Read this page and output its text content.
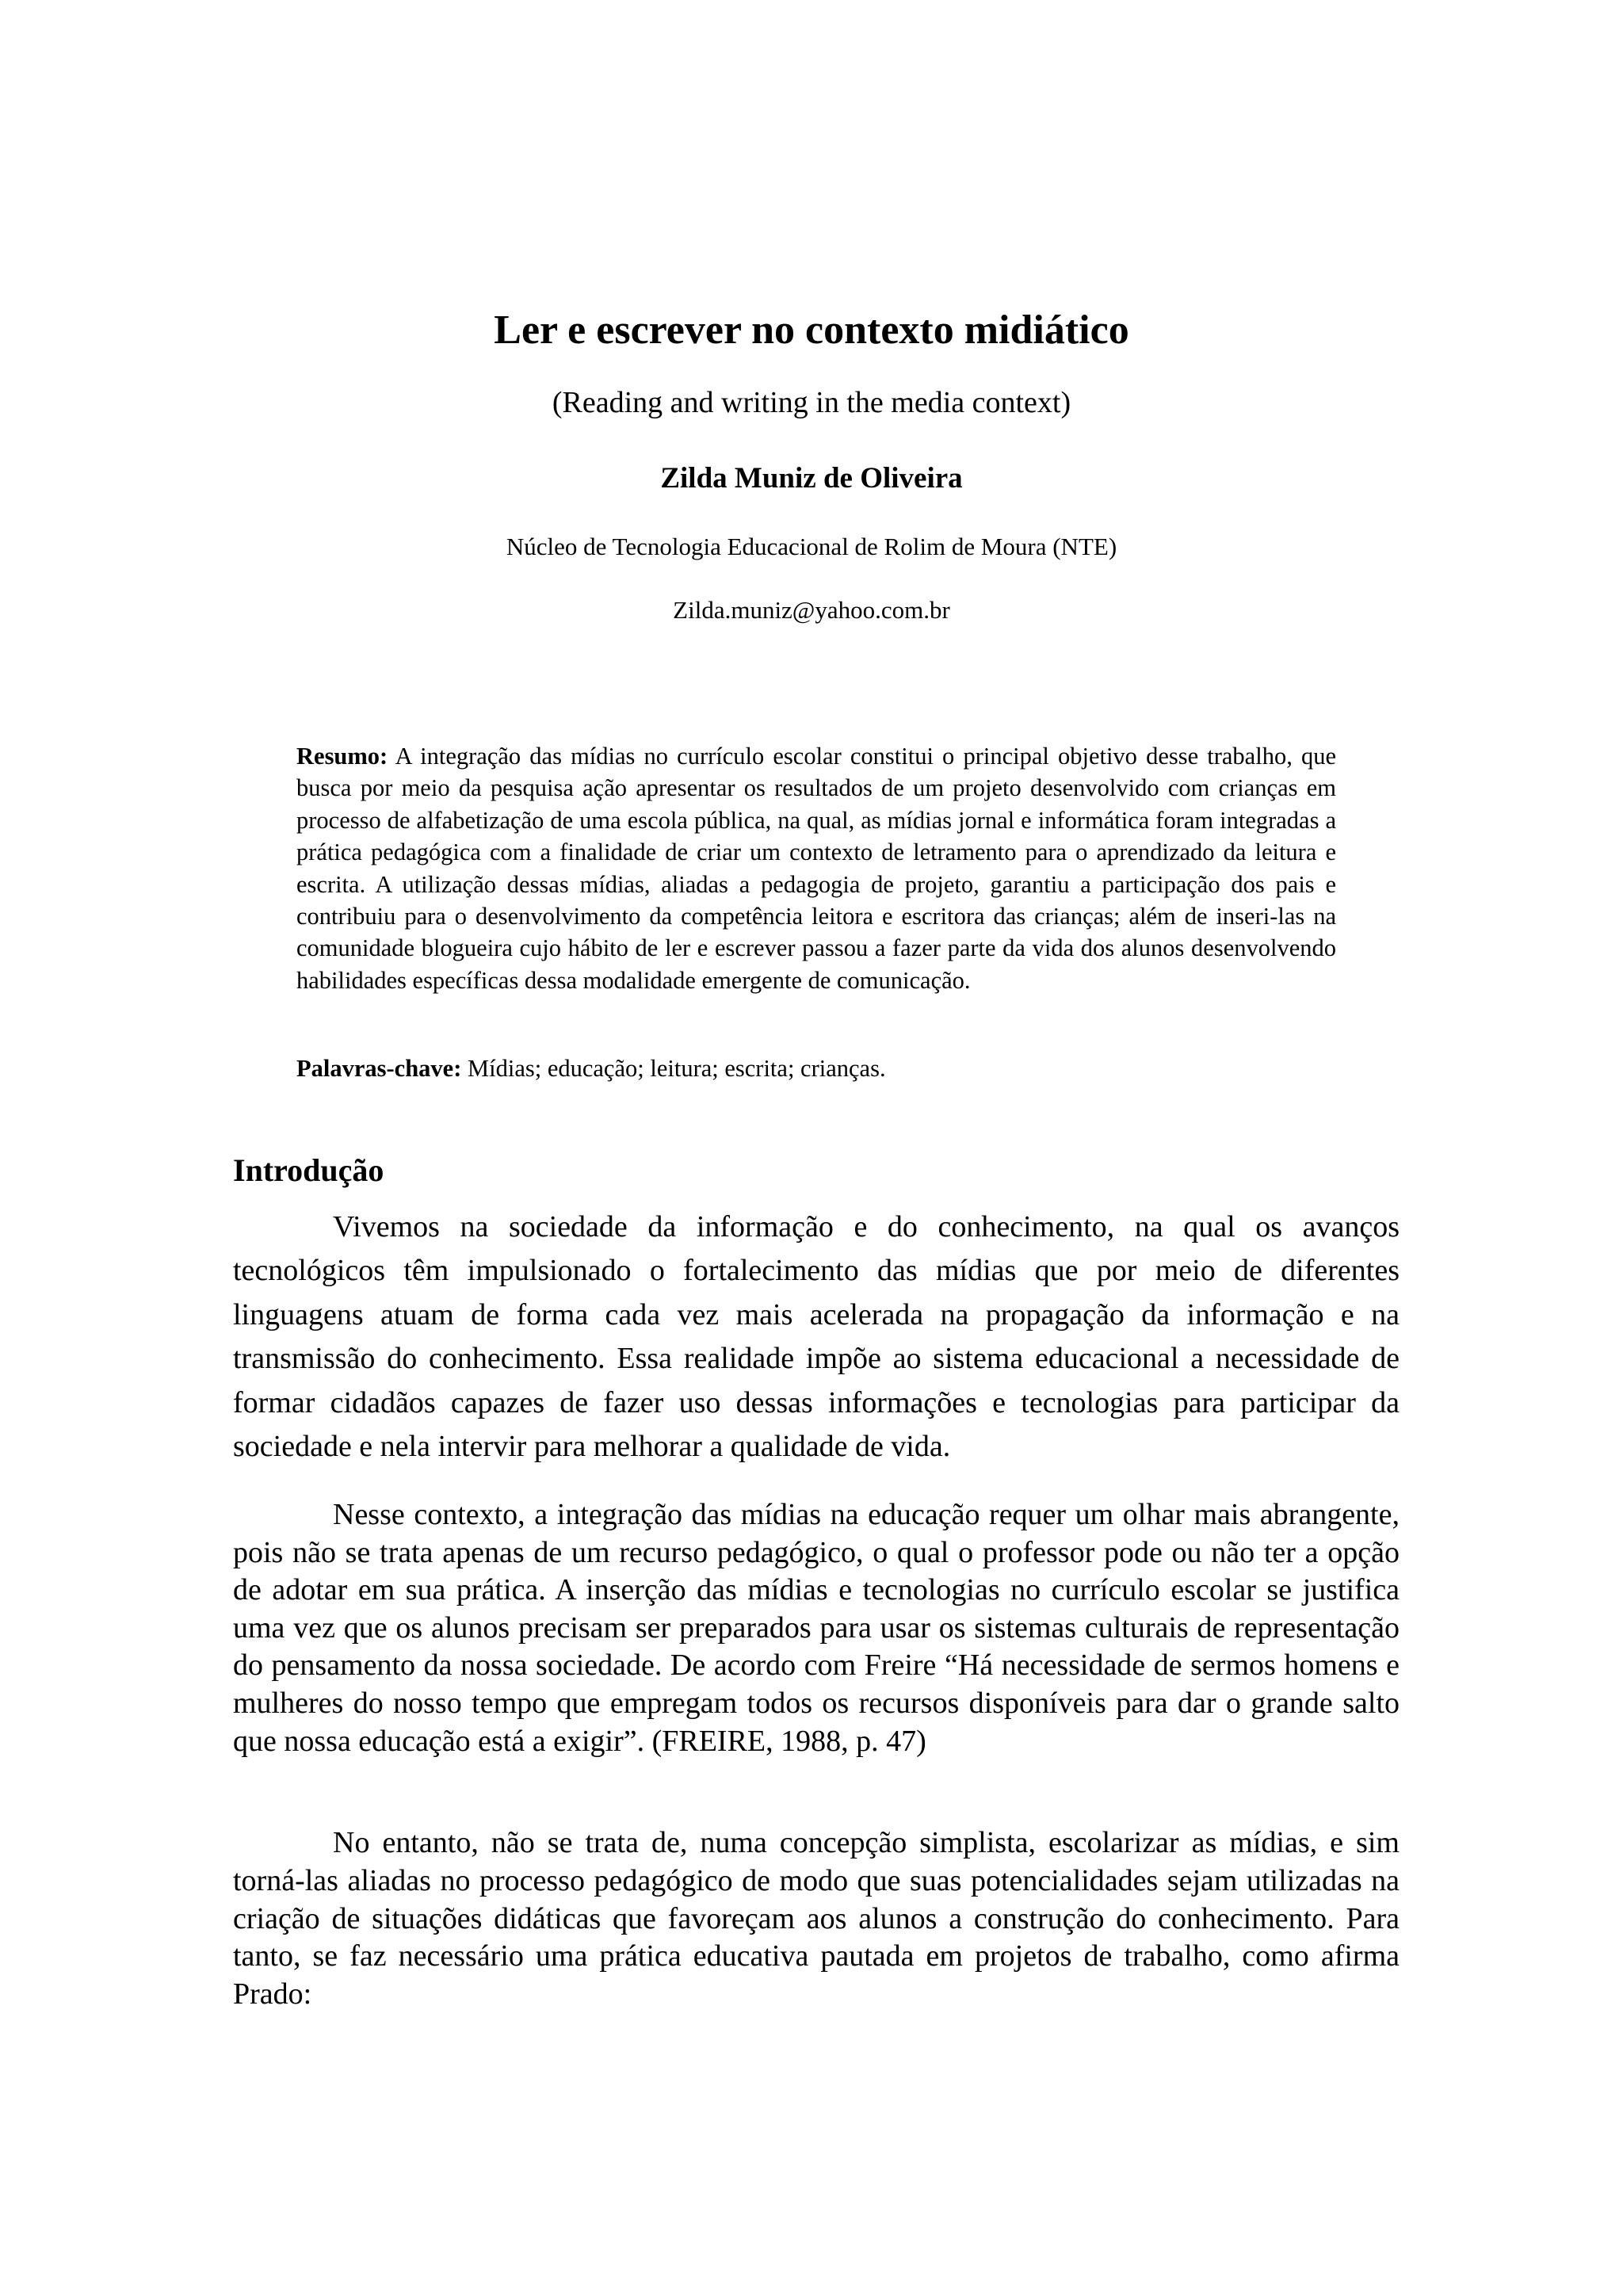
Ler e escrever no contexto midiático

(Reading and writing in the media context)

Zilda Muniz de Oliveira

Núcleo de Tecnologia Educacional de Rolim de Moura (NTE)

Zilda.muniz@yahoo.com.br

Resumo: A integração das mídias no currículo escolar constitui o principal objetivo desse trabalho, que busca por meio da pesquisa ação apresentar os resultados de um projeto desenvolvido com crianças em processo de alfabetização de uma escola pública, na qual, as mídias jornal e informática foram integradas a prática pedagógica com a finalidade de criar um contexto de letramento para o aprendizado da leitura e escrita. A utilização dessas mídias, aliadas a pedagogia de projeto, garantiu a participação dos pais e contribuiu para o desenvolvimento da competência leitora e escritora das crianças; além de inseri-las na comunidade blogueira cujo hábito de ler e escrever passou a fazer parte da vida dos alunos desenvolvendo habilidades específicas dessa modalidade emergente de comunicação.

Palavras-chave: Mídias; educação; leitura; escrita; crianças.

Introdução

Vivemos na sociedade da informação e do conhecimento, na qual os avanços tecnológicos têm impulsionado o fortalecimento das mídias que por meio de diferentes linguagens atuam de forma cada vez mais acelerada na propagação da informação e na transmissão do conhecimento. Essa realidade impõe ao sistema educacional a necessidade de formar cidadãos capazes de fazer uso dessas informações e tecnologias para participar da sociedade e nela intervir para melhorar a qualidade de vida.

Nesse contexto, a integração das mídias na educação requer um olhar mais abrangente, pois não se trata apenas de um recurso pedagógico, o qual o professor pode ou não ter a opção de adotar em sua prática. A inserção das mídias e tecnologias no currículo escolar se justifica uma vez que os alunos precisam ser preparados para usar os sistemas culturais de representação do pensamento da nossa sociedade. De acordo com Freire “Há necessidade de sermos homens e mulheres do nosso tempo que empregam todos os recursos disponíveis para dar o grande salto que nossa educação está a exigir”. (FREIRE, 1988, p. 47)

No entanto, não se trata de, numa concepção simplista, escolarizar as mídias, e sim torná-las aliadas no processo pedagógico de modo que suas potencialidades sejam utilizadas na criação de situações didáticas que favoreçam aos alunos a construção do conhecimento. Para tanto, se faz necessário uma prática educativa pautada em projetos de trabalho, como afirma Prado:
